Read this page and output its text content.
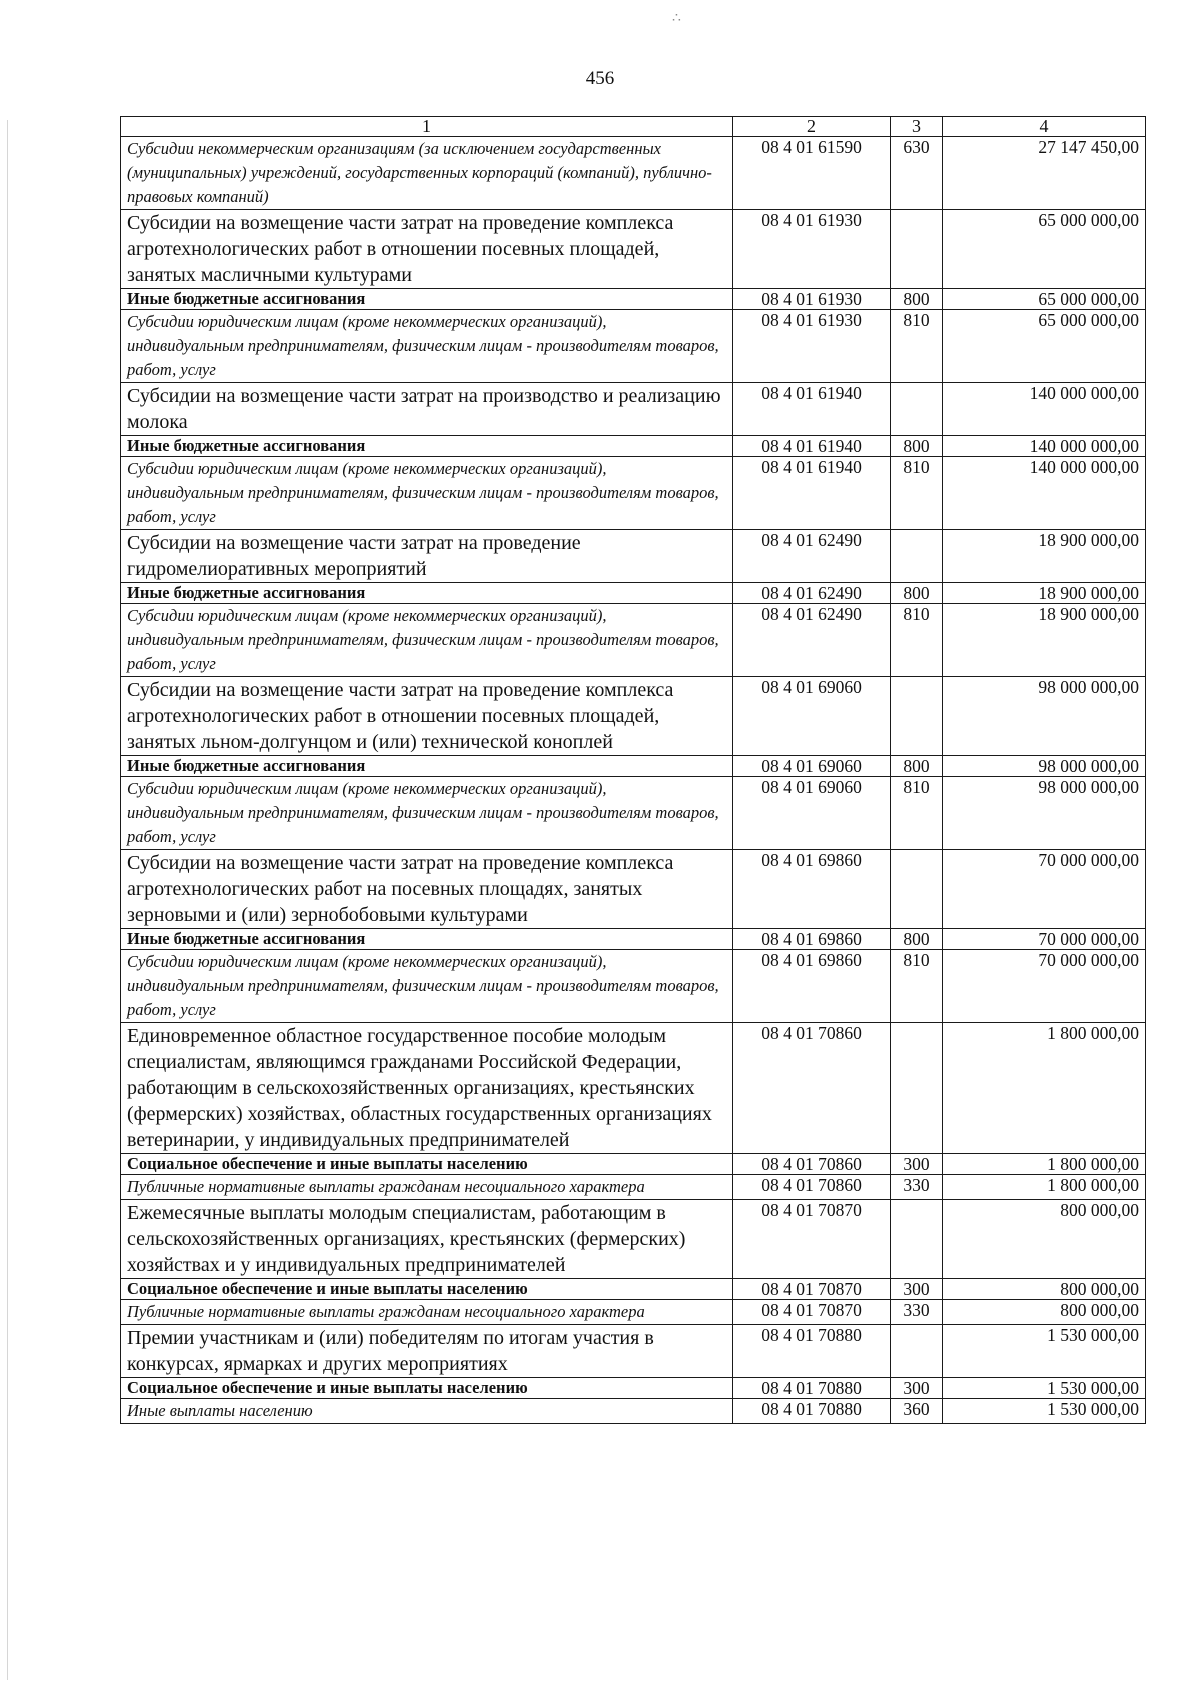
∴
456
1	2	3	4
Субсидии некоммерческим организациям (за исключением государственных (муниципальных) учреждений, государственных корпораций (компаний), публично-правовых компаний)	08 4 01 61590	630	27 147 450,00
Субсидии на возмещение части затрат на проведение комплекса агротехнологических работ в отношении посевных площадей, занятых масличными культурами	08 4 01 61930		65 000 000,00
Иные бюджетные ассигнования	08 4 01 61930	800	65 000 000,00
Субсидии юридическим лицам (кроме некоммерческих организаций), индивидуальным предпринимателям, физическим лицам - производителям товаров, работ, услуг	08 4 01 61930	810	65 000 000,00
Субсидии на возмещение части затрат на производство и реализацию молока	08 4 01 61940		140 000 000,00
Иные бюджетные ассигнования	08 4 01 61940	800	140 000 000,00
Субсидии юридическим лицам (кроме некоммерческих организаций), индивидуальным предпринимателям, физическим лицам - производителям товаров, работ, услуг	08 4 01 61940	810	140 000 000,00
Субсидии на возмещение части затрат на проведение гидромелиоративных мероприятий	08 4 01 62490		18 900 000,00
Иные бюджетные ассигнования	08 4 01 62490	800	18 900 000,00
Субсидии юридическим лицам (кроме некоммерческих организаций), индивидуальным предпринимателям, физическим лицам - производителям товаров, работ, услуг	08 4 01 62490	810	18 900 000,00
Субсидии на возмещение части затрат на проведение комплекса агротехнологических работ в отношении посевных площадей, занятых льном-долгунцом и (или) технической коноплей	08 4 01 69060		98 000 000,00
Иные бюджетные ассигнования	08 4 01 69060	800	98 000 000,00
Субсидии юридическим лицам (кроме некоммерческих организаций), индивидуальным предпринимателям, физическим лицам - производителям товаров, работ, услуг	08 4 01 69060	810	98 000 000,00
Субсидии на возмещение части затрат на проведение комплекса агротехнологических работ на посевных площадях, занятых зерновыми и (или) зернобобовыми культурами	08 4 01 69860		70 000 000,00
Иные бюджетные ассигнования	08 4 01 69860	800	70 000 000,00
Субсидии юридическим лицам (кроме некоммерческих организаций), индивидуальным предпринимателям, физическим лицам - производителям товаров, работ, услуг	08 4 01 69860	810	70 000 000,00
Единовременное областное государственное пособие молодым специалистам, являющимся гражданами Российской Федерации, работающим в сельскохозяйственных организациях, крестьянских (фермерских) хозяйствах, областных государственных организациях ветеринарии, у индивидуальных предпринимателей	08 4 01 70860		1 800 000,00
Социальное обеспечение и иные выплаты населению	08 4 01 70860	300	1 800 000,00
Публичные нормативные выплаты гражданам несоциального характера	08 4 01 70860	330	1 800 000,00
Ежемесячные выплаты молодым специалистам, работающим в сельскохозяйственных организациях, крестьянских (фермерских) хозяйствах и у индивидуальных предпринимателей	08 4 01 70870		800 000,00
Социальное обеспечение и иные выплаты населению	08 4 01 70870	300	800 000,00
Публичные нормативные выплаты гражданам несоциального характера	08 4 01 70870	330	800 000,00
Премии участникам и (или) победителям по итогам участия в конкурсах, ярмарках и других мероприятиях	08 4 01 70880		1 530 000,00
Социальное обеспечение и иные выплаты населению	08 4 01 70880	300	1 530 000,00
Иные выплаты населению	08 4 01 70880	360	1 530 000,00
